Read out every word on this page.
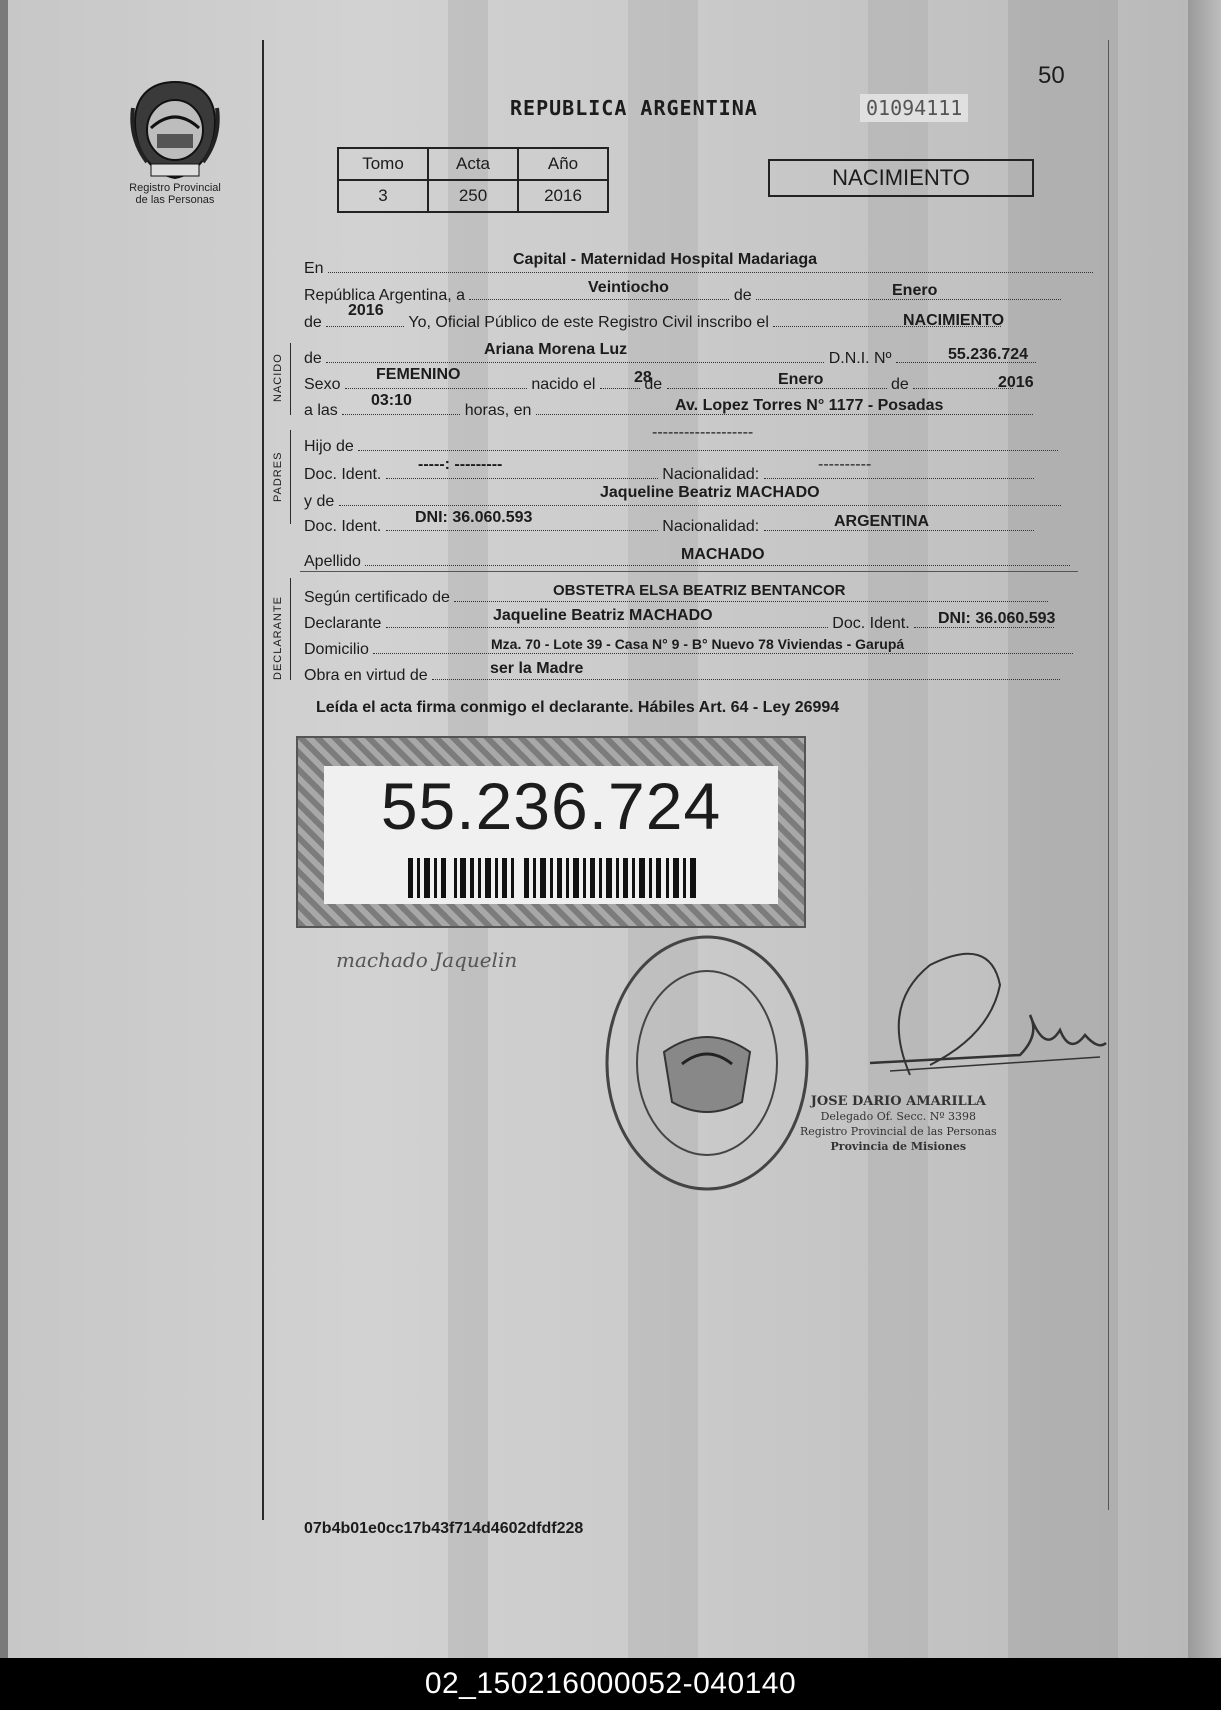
Registro Provincial
de las Personas
50
REPUBLICA ARGENTINA	01094111
Tomo	Acta	Año
3	250	2016
NACIMIENTO
NACIDO
PADRES
DECLARANTE
En
Capital - Maternidad Hospital Madariaga
República Argentina, a	de
Veintiocho	Enero
de	Yo, Oficial Público de este Registro Civil inscribo el
2016
NACIMIENTO
de	D.N.I. Nº
Ariana Morena Luz	55.236.724
Sexo	nacido el	de	de
FEMENINO	28	Enero	2016
a las	horas, en
03:10	Av. Lopez Torres N° 1177 - Posadas
Hijo de
-------------------
Doc. Ident.	Nacionalidad:
-----: ---------	----------
y de
Jaqueline Beatriz MACHADO
Doc. Ident.	Nacionalidad:
DNI: 36.060.593	ARGENTINA
Apellido	MACHADO
Según certificado de	OBSTETRA ELSA BEATRIZ BENTANCOR
Declarante	Doc. Ident.
Jaqueline Beatriz MACHADO	DNI: 36.060.593
Domicilio	Mza. 70 - Lote 39 - Casa N° 9 - B° Nuevo 78 Viviendas - Garupá
Obra en virtud de	ser la Madre
Leída el acta firma conmigo el declarante. Hábiles Art. 64 - Ley 26994
55.236.724
machado Jaquelin
JOSE DARIO AMARILLA
Delegado Of. Secc. Nº 3398
Registro Provincial de las Personas
Provincia de Misiones
07b4b01e0cc17b43f714d4602dfdf228
02_150216000052-040140
